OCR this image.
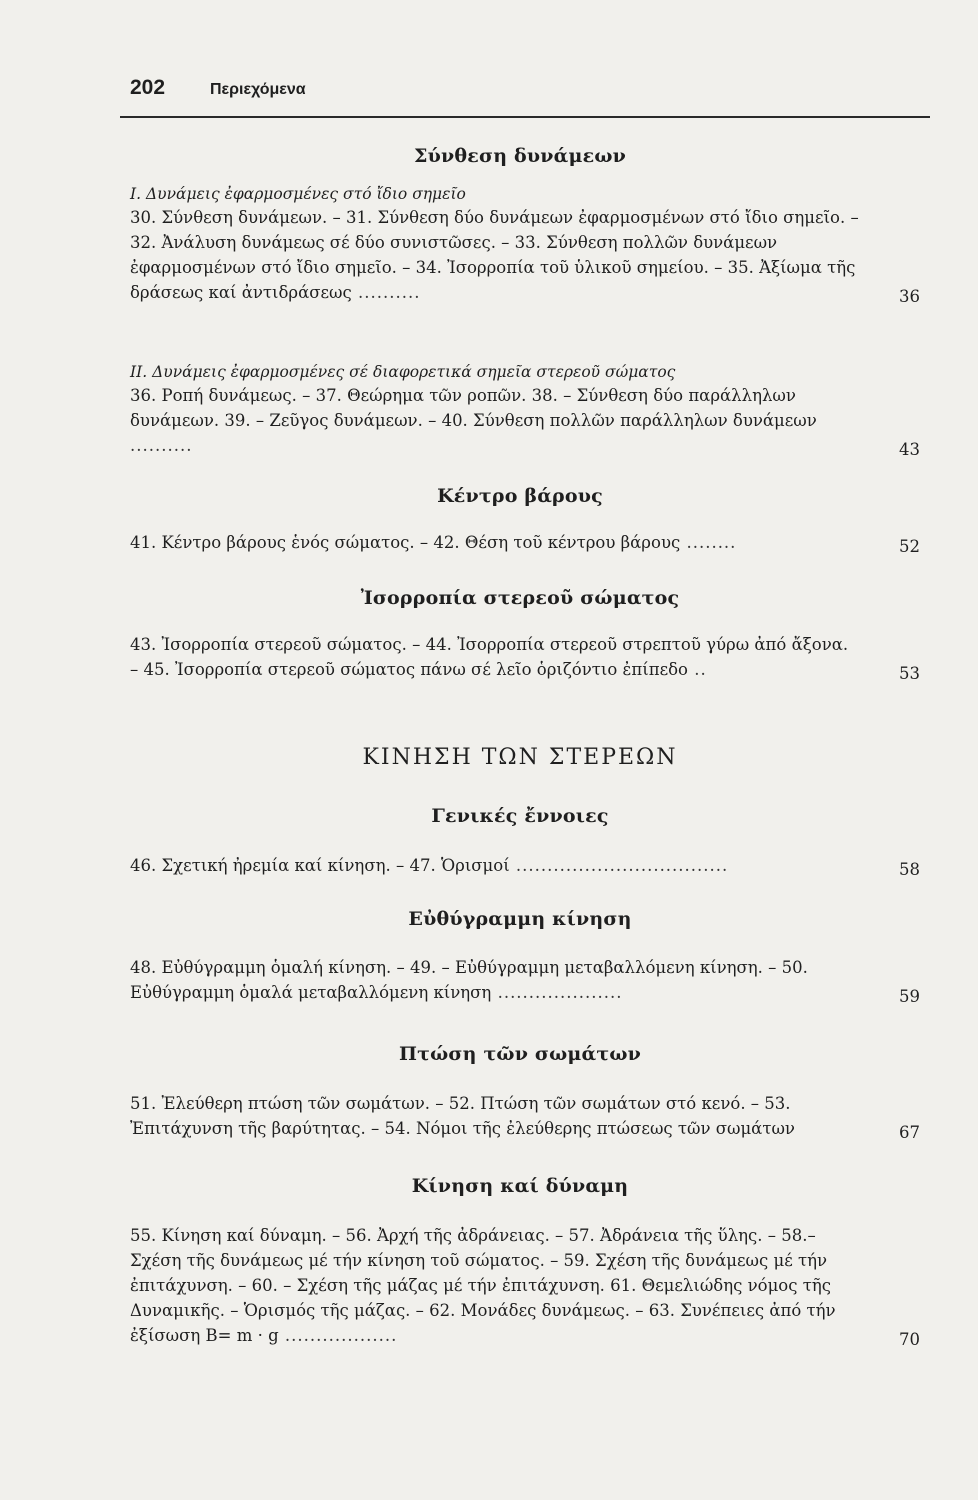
202	Περιεχόμενα
Σύνθεση δυνάμεων

Ι. Δυνάμεις ἐφαρμοσμένες στό ἴδιο σημεῖο

30. Σύνθεση δυνάμεων. – 31. Σύνθεση δύο δυνάμεων ἐφαρμοσμένων στό ἴδιο σημεῖο. – 32. Ἀνάλυση δυνάμεως σέ δύο συνιστῶσες. – 33. Σύνθεση πολλῶν δυνάμεων ἐφαρμοσμένων στό ἴδιο σημεῖο. – 34. Ἰσορροπία τοῦ ὑλικοῦ σημείου. – 35. Ἀξίωμα τῆς δράσεως καί ἀντιδράσεως ..........	36

ΙΙ. Δυνάμεις ἐφαρμοσμένες σέ διαφορετικά σημεῖα στερεοῦ σώματος

36. Ροπή δυνάμεως. – 37. Θεώρημα τῶν ροπῶν. 38. – Σύνθεση δύο παράλληλων δυνάμεων. 39. – Ζεῦγος δυνάμεων. – 40. Σύνθεση πολλῶν παράλληλων δυνάμεων ..........	43
Κέντρο βάρους
41. Κέντρο βάρους ἑνός σώματος. – 42. Θέση τοῦ κέντρου βάρους ........	52
Ἰσορροπία στερεοῦ σώματος
43. Ἰσορροπία στερεοῦ σώματος. – 44. Ἰσορροπία στερεοῦ στρεπτοῦ γύρω ἀπό ἄξονα. – 45. Ἰσορροπία στερεοῦ σώματος πάνω σέ λεῖο ὁριζόντιο ἐπίπεδο ..	53
ΚΙΝΗΣΗ ΤΩΝ ΣΤΕΡΕΩΝ
Γενικές ἔννοιες
46. Σχετική ἠρεμία καί κίνηση. – 47. Ὁρισμοί ..................................	58
Εὐθύγραμμη κίνηση
48. Εὐθύγραμμη ὁμαλή κίνηση. – 49. – Εὐθύγραμμη μεταβαλλόμενη κίνηση. – 50. Εὐθύγραμμη ὁμαλά μεταβαλλόμενη κίνηση ....................	59
Πτώση τῶν σωμάτων
51. Ἐλεύθερη πτώση τῶν σωμάτων. – 52. Πτώση τῶν σωμάτων στό κενό. – 53. Ἐπιτάχυνση τῆς βαρύτητας. – 54. Νόμοι τῆς ἐλεύθερης πτώσεως τῶν σωμάτων	67
Κίνηση καί δύναμη
55. Κίνηση καί δύναμη. – 56. Ἀρχή τῆς ἀδράνειας. – 57. Ἀδράνεια τῆς ὕλης. – 58.– Σχέση τῆς δυνάμεως μέ τήν κίνηση τοῦ σώματος. – 59. Σχέση τῆς δυνάμεως μέ τήν ἐπιτάχυνση. – 60. – Σχέση τῆς μάζας μέ τήν ἐπιτάχυνση. 61. Θεμελιώδης νόμος τῆς Δυναμικῆς. – Ὁρισμός τῆς μάζας. – 62. Μονάδες δυνάμεως. – 63. Συνέπειες ἀπό τήν ἐξίσωση Β= m · g ..................	70
